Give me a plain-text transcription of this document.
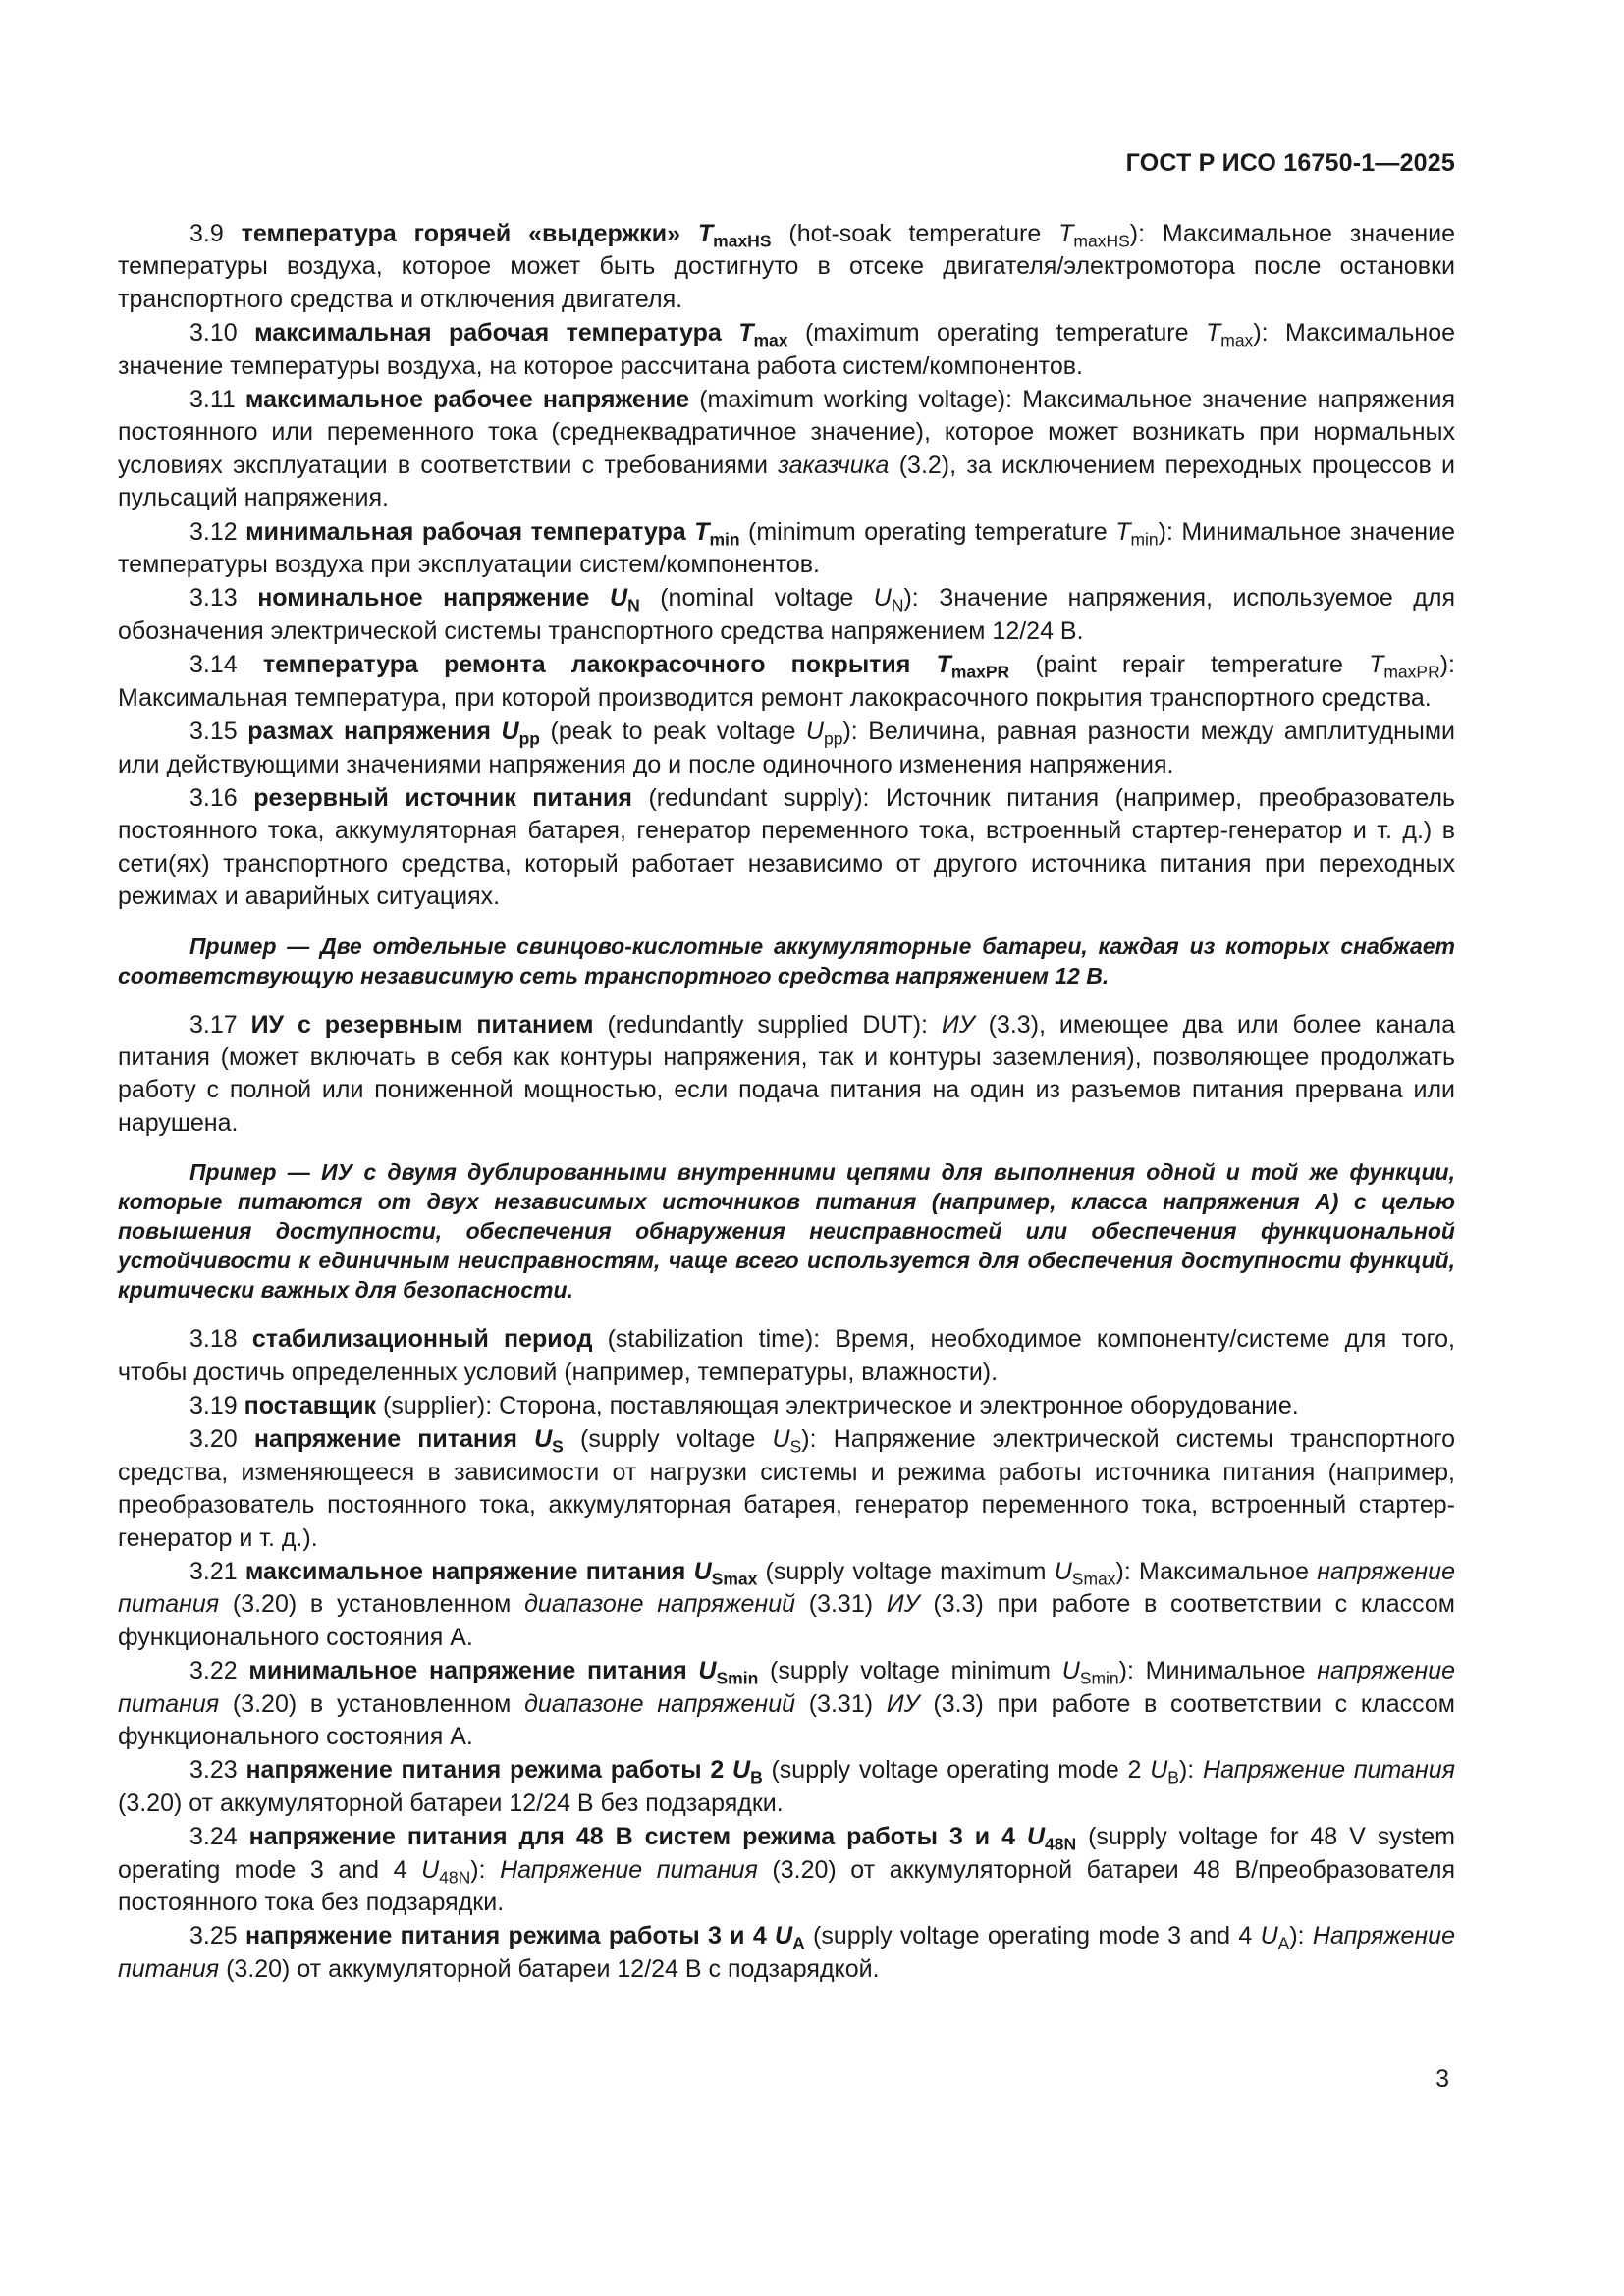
ГОСТ Р ИСО 16750-1—2025

3.9 температура горячей «выдержки» $T_{maxHS}$ (hot-soak temperature $T_{maxHS}$): Максимальное значение температуры воздуха, которое может быть достигнуто в отсеке двигателя/электромотора после остановки транспортного средства и отключения двигателя.

3.10 максимальная рабочая температура $T_{max}$ (maximum operating temperature $T_{max}$): Максимальное значение температуры воздуха, на которое рассчитана работа систем/компонентов.

3.11 максимальное рабочее напряжение (maximum working voltage): Максимальное значение напряжения постоянного или переменного тока (среднеквадратичное значение), которое может возникать при нормальных условиях эксплуатации в соответствии с требованиями заказчика (3.2), за исключением переходных процессов и пульсаций напряжения.

3.12 минимальная рабочая температура $T_{min}$ (minimum operating temperature $T_{min}$): Минимальное значение температуры воздуха при эксплуатации систем/компонентов.

3.13 номинальное напряжение $U_N$ (nominal voltage $U_N$): Значение напряжения, используемое для обозначения электрической системы транспортного средства напряжением 12/24 В.

3.14 температура ремонта лакокрасочного покрытия $T_{maxPR}$ (paint repair temperature $T_{maxPR}$): Максимальная температура, при которой производится ремонт лакокрасочного покрытия транспортного средства.

3.15 размах напряжения $U_{pp}$ (peak to peak voltage $U_{pp}$): Величина, равная разности между амплитудными или действующими значениями напряжения до и после одиночного изменения напряжения.

3.16 резервный источник питания (redundant supply): Источник питания (например, преобразователь постоянного тока, аккумуляторная батарея, генератор переменного тока, встроенный стартер-генератор и т. д.) в сети(ях) транспортного средства, который работает независимо от другого источника питания при переходных режимах и аварийных ситуациях.

Пример — Две отдельные свинцово-кислотные аккумуляторные батареи, каждая из которых снабжает соответствующую независимую сеть транспортного средства напряжением 12 В.

3.17 ИУ с резервным питанием (redundantly supplied DUT): ИУ (3.3), имеющее два или более канала питания (может включать в себя как контуры напряжения, так и контуры заземления), позволяющее продолжать работу с полной или пониженной мощностью, если подача питания на один из разъемов питания прервана или нарушена.

Пример — ИУ с двумя дублированными внутренними цепями для выполнения одной и той же функции, которые питаются от двух независимых источников питания (например, класса напряжения А) с целью повышения доступности, обеспечения обнаружения неисправностей или обеспечения функциональной устойчивости к единичным неисправностям, чаще всего используется для обеспечения доступности функций, критически важных для безопасности.

3.18 стабилизационный период (stabilization time): Время, необходимое компоненту/системе для того, чтобы достичь определенных условий (например, температуры, влажности).

3.19 поставщик (supplier): Сторона, поставляющая электрическое и электронное оборудование.

3.20 напряжение питания $U_S$ (supply voltage $U_S$): Напряжение электрической системы транспортного средства, изменяющееся в зависимости от нагрузки системы и режима работы источника питания (например, преобразователь постоянного тока, аккумуляторная батарея, генератор переменного тока, встроенный стартер-генератор и т. д.).

3.21 максимальное напряжение питания $U_{Smax}$ (supply voltage maximum $U_{Smax}$): Максимальное напряжение питания (3.20) в установленном диапазоне напряжений (3.31) ИУ (3.3) при работе в соответствии с классом функционального состояния А.

3.22 минимальное напряжение питания $U_{Smin}$ (supply voltage minimum $U_{Smin}$): Минимальное напряжение питания (3.20) в установленном диапазоне напряжений (3.31) ИУ (3.3) при работе в соответствии с классом функционального состояния А.

3.23 напряжение питания режима работы 2 $U_B$ (supply voltage operating mode 2 $U_B$): Напряжение питания (3.20) от аккумуляторной батареи 12/24 В без подзарядки.

3.24 напряжение питания для 48 В систем режима работы 3 и 4 $U_{48N}$ (supply voltage for 48 V system operating mode 3 and 4 $U_{48N}$): Напряжение питания (3.20) от аккумуляторной батареи 48 В/преобразователя постоянного тока без подзарядки.

3.25 напряжение питания режима работы 3 и 4 $U_A$ (supply voltage operating mode 3 and 4 $U_A$): Напряжение питания (3.20) от аккумуляторной батареи 12/24 В с подзарядкой.

3
